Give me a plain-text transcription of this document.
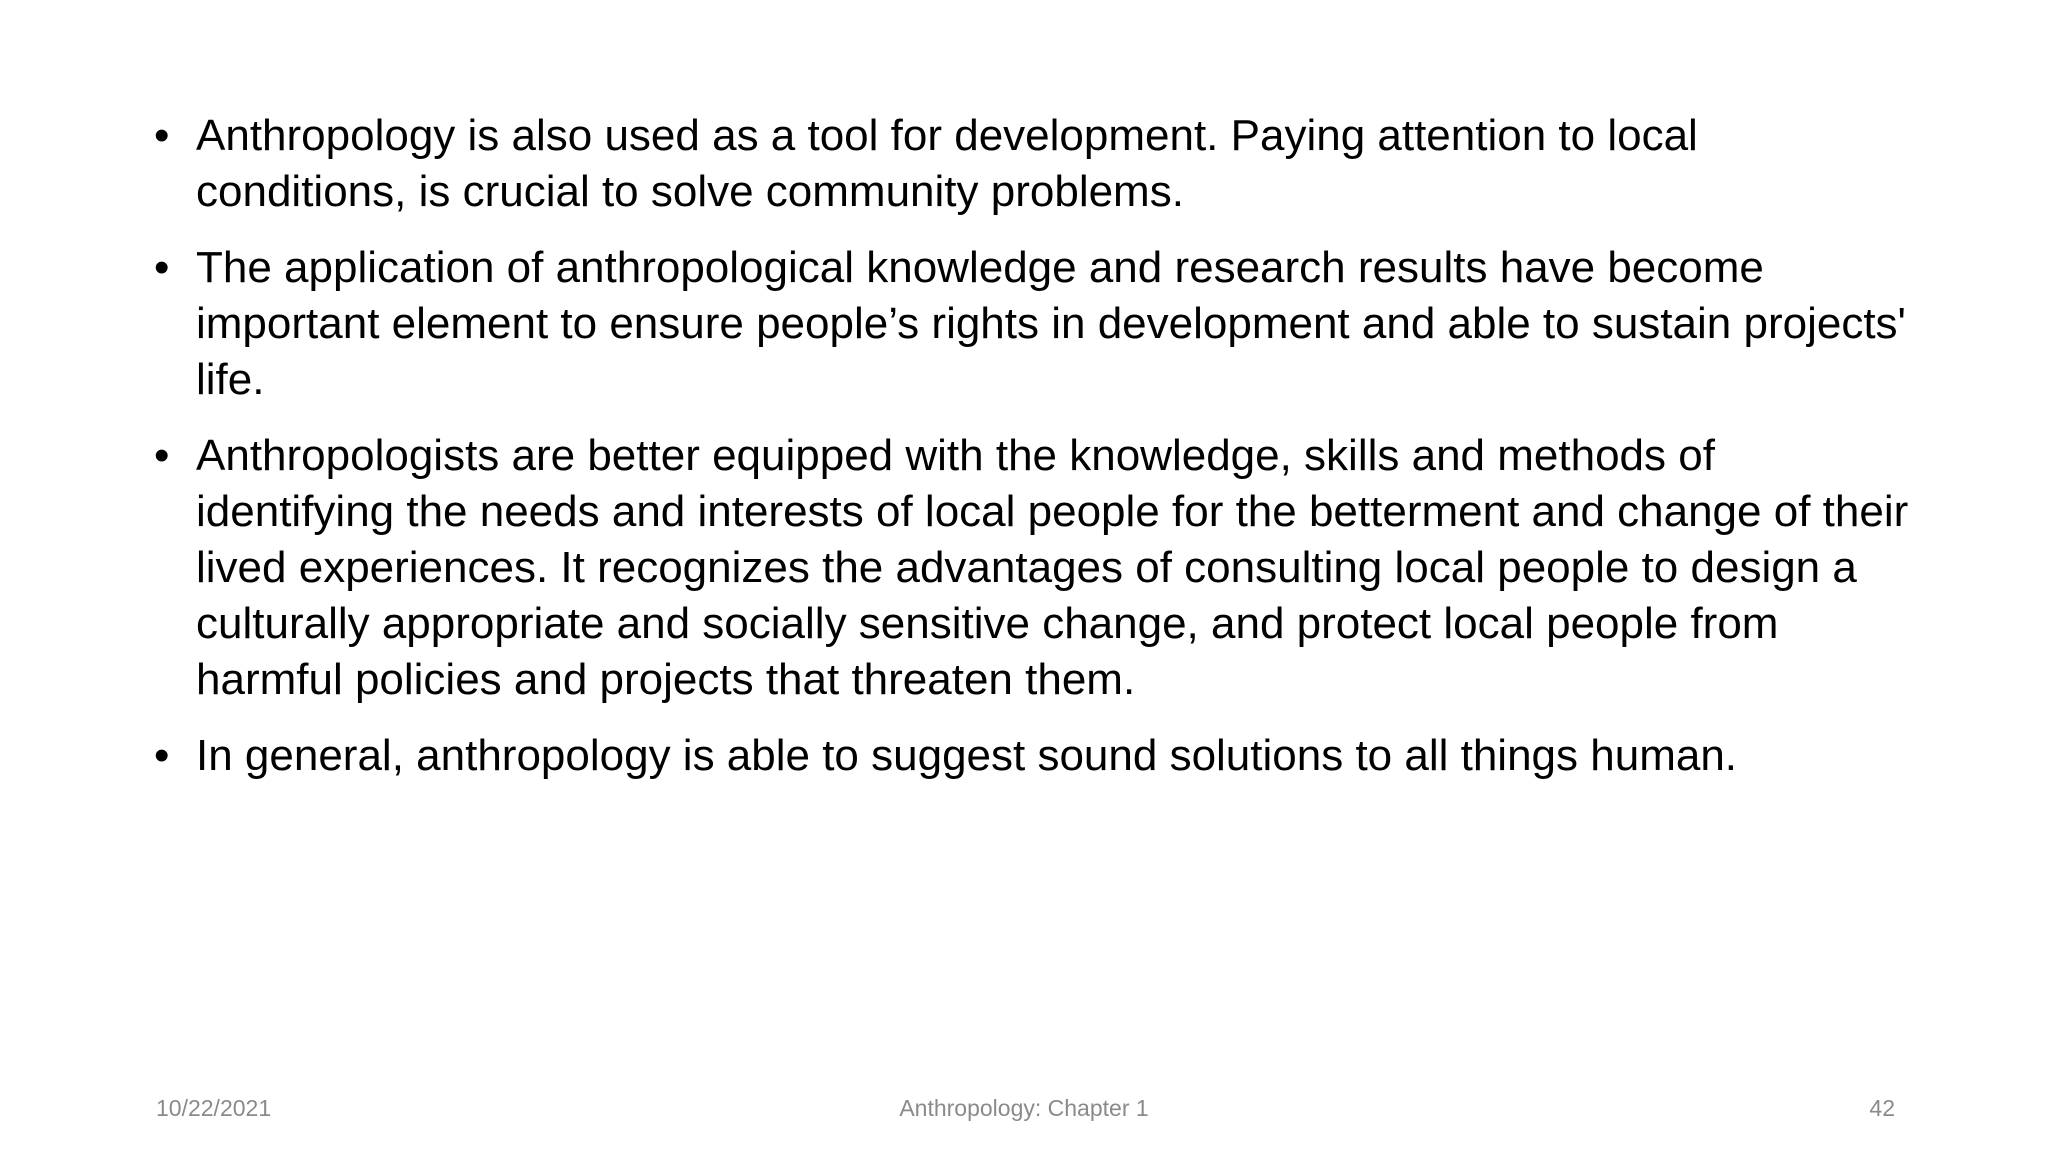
• Anthropology is also used as a tool for development. Paying attention to local conditions, is crucial to solve community problems.
• The application of anthropological knowledge and research results have become important element to ensure people’s rights in development and able to sustain projects' life.
• Anthropologists are better equipped with the knowledge, skills and methods of identifying the needs and interests of local people for the betterment and change of their lived experiences. It recognizes the advantages of consulting local people to design a culturally appropriate and socially sensitive change, and protect local people from harmful policies and projects that threaten them.
• In general, anthropology is able to suggest sound solutions to all things human.
Anthropology: Chapter 1
10/22/2021	42
